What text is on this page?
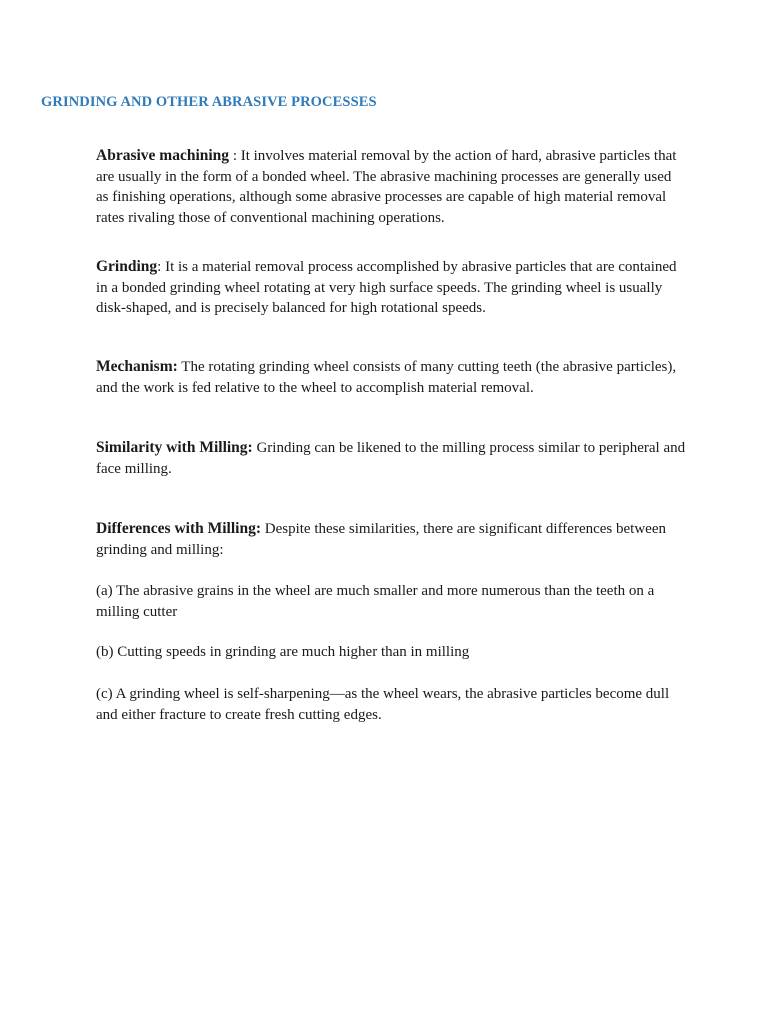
GRINDING AND OTHER ABRASIVE PROCESSES
Abrasive machining : It involves material removal by the action of hard, abrasive particles that
are usually in the form of a bonded wheel. The abrasive machining processes are generally used
as finishing operations, although some abrasive processes are capable of high material removal
rates rivaling those of conventional machining operations.
Grinding: It is a material removal process accomplished by abrasive particles that are contained
in a bonded grinding wheel rotating at very high surface speeds. The grinding wheel is usually
disk-shaped, and is precisely balanced for high rotational speeds.
Mechanism: The rotating grinding wheel consists of many cutting teeth (the abrasive particles),
and the work is fed relative to the wheel to accomplish material removal.
Similarity with Milling: Grinding can be likened to the milling process similar to peripheral and
face milling.
Differences with Milling: Despite these similarities, there are significant differences between
grinding and milling:
(a) The abrasive grains in the wheel are much smaller and more numerous than the teeth on a
milling cutter
(b) Cutting speeds in grinding are much higher than in milling
(c) A grinding wheel is self-sharpening—as the wheel wears, the abrasive particles become dull
and either fracture to create fresh cutting edges.
